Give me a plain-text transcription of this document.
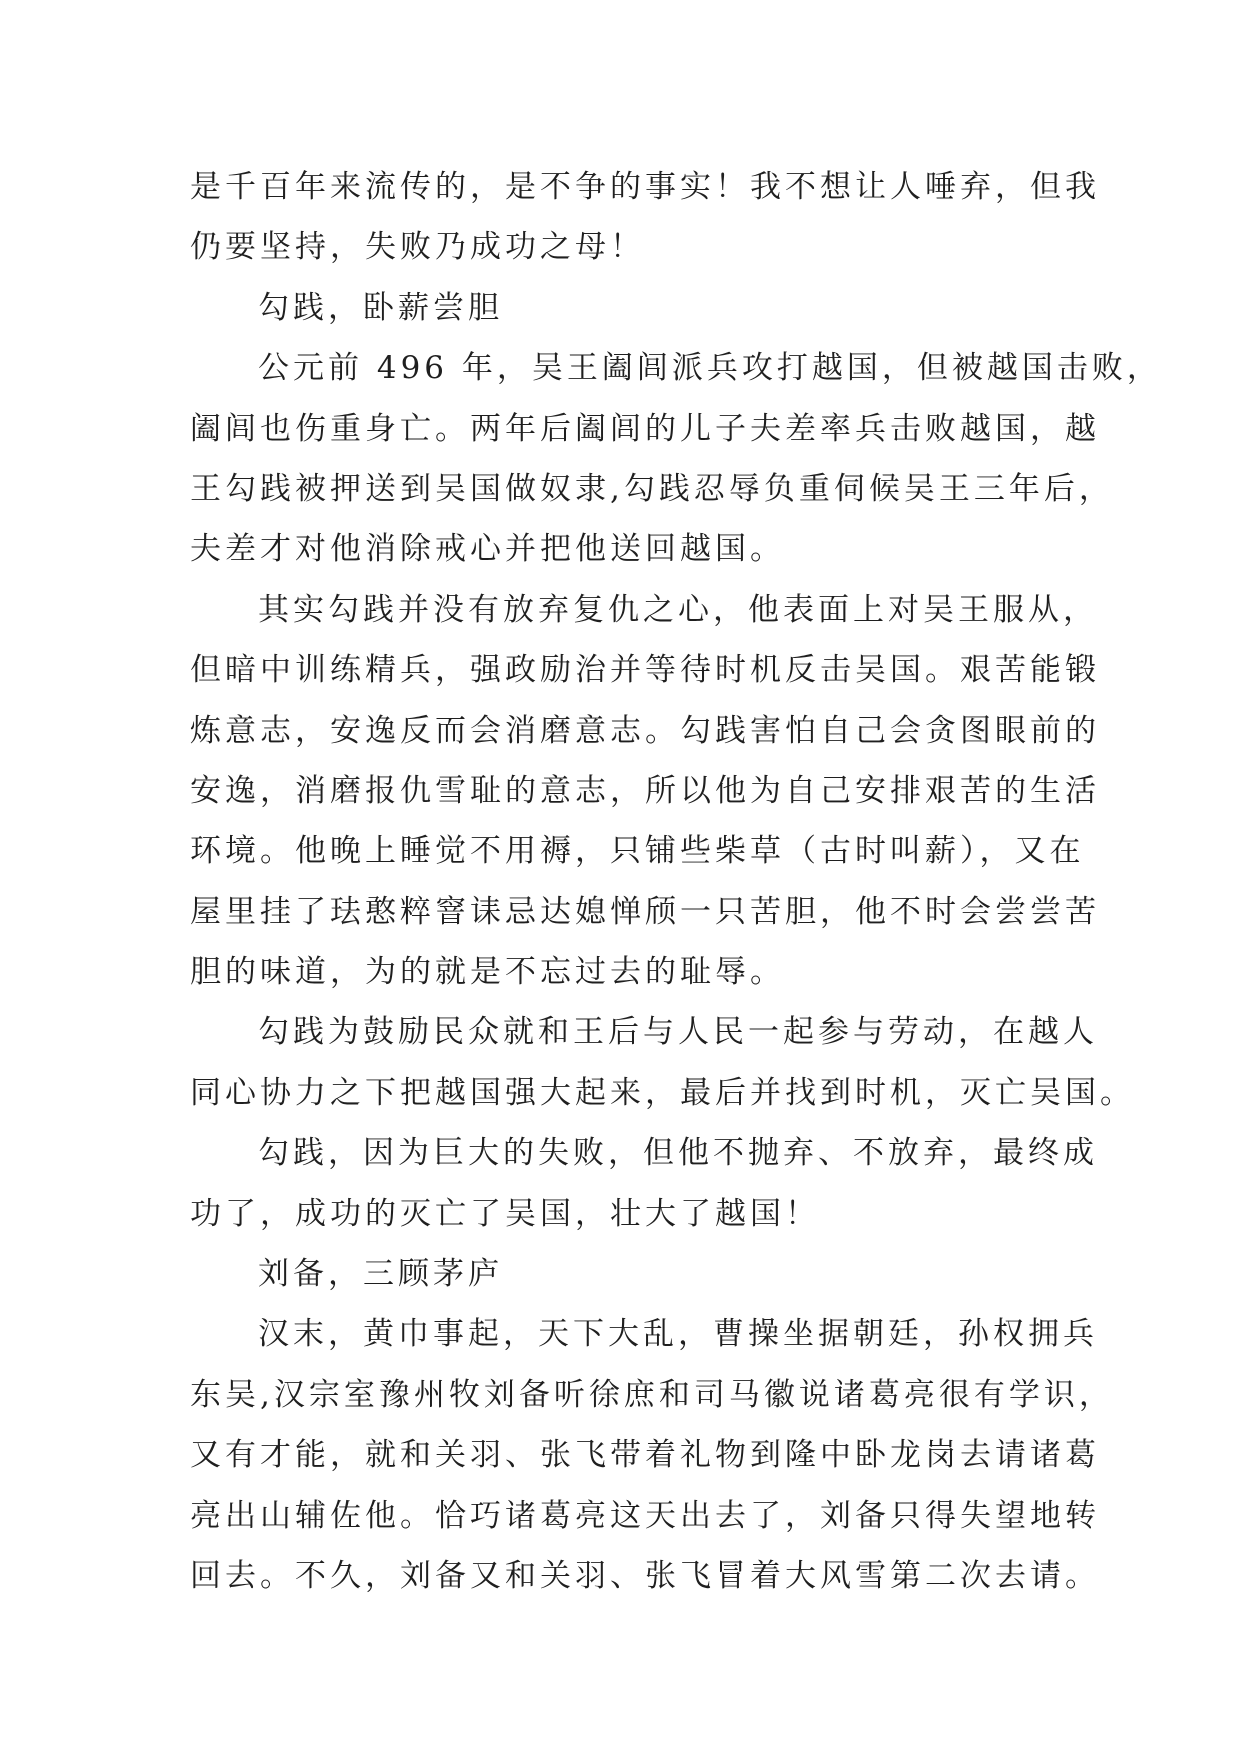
是千百年来流传的，是不争的事实！我不想让人唾弃，但我
仍要坚持，失败乃成功之母！
勾践，卧薪尝胆
公元前 496 年，吴王阖闾派兵攻打越国，但被越国击败，
阖闾也伤重身亡。两年后阖闾的儿子夫差率兵击败越国，越
王勾践被押送到吴国做奴隶,勾践忍辱负重伺候吴王三年后，
夫差才对他消除戒心并把他送回越国。
其实勾践并没有放弃复仇之心，他表面上对吴王服从，
但暗中训练精兵，强政励治并等待时机反击吴国。艰苦能锻
炼意志，安逸反而会消磨意志。勾践害怕自己会贪图眼前的
安逸，消磨报仇雪耻的意志，所以他为自己安排艰苦的生活
环境。他晚上睡觉不用褥，只铺些柴草（古时叫薪），又在
屋里挂了珐憨粹窨诔忌达媳惮颀一只苦胆，他不时会尝尝苦
胆的味道，为的就是不忘过去的耻辱。
勾践为鼓励民众就和王后与人民一起参与劳动，在越人
同心协力之下把越国强大起来，最后并找到时机，灭亡吴国。
勾践，因为巨大的失败，但他不抛弃、不放弃，最终成
功了，成功的灭亡了吴国，壮大了越国！
刘备，三顾茅庐
汉末，黄巾事起，天下大乱，曹操坐据朝廷，孙权拥兵
东吴,汉宗室豫州牧刘备听徐庶和司马徽说诸葛亮很有学识，
又有才能，就和关羽、张飞带着礼物到隆中卧龙岗去请诸葛
亮出山辅佐他。恰巧诸葛亮这天出去了，刘备只得失望地转
回去。不久，刘备又和关羽、张飞冒着大风雪第二次去请。
